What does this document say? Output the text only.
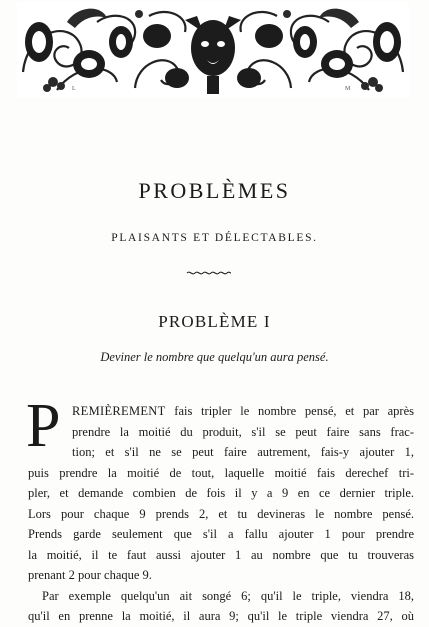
L	M
PROBLÈMES
PLAISANTS ET DÉLECTABLES.
PROBLÈME I
Deviner le nombre que quelqu'un aura pensé.
P REMIÈREMENT fais tripler le nombre pensé, et par après
prendre la moitié du produit, s'il se peut faire sans frac-
tion; et s'il ne se peut faire autrement, fais-y ajouter 1,
puis prendre la moitié de tout, laquelle moitié fais derechef tri-
pler, et demande combien de fois il y a 9 en ce dernier triple.
Lors pour chaque 9 prends 2, et tu devineras le nombre pensé.
Prends garde seulement que s'il a fallu ajouter 1 pour prendre
la moitié, il te faut aussi ajouter 1 au nombre que tu trouveras
prenant 2 pour chaque 9.
Par exemple quelqu'un ait songé 6; qu'il le triple, viendra 18,
qu'il en prenne la moitié, il aura 9; qu'il le triple viendra 27, où
